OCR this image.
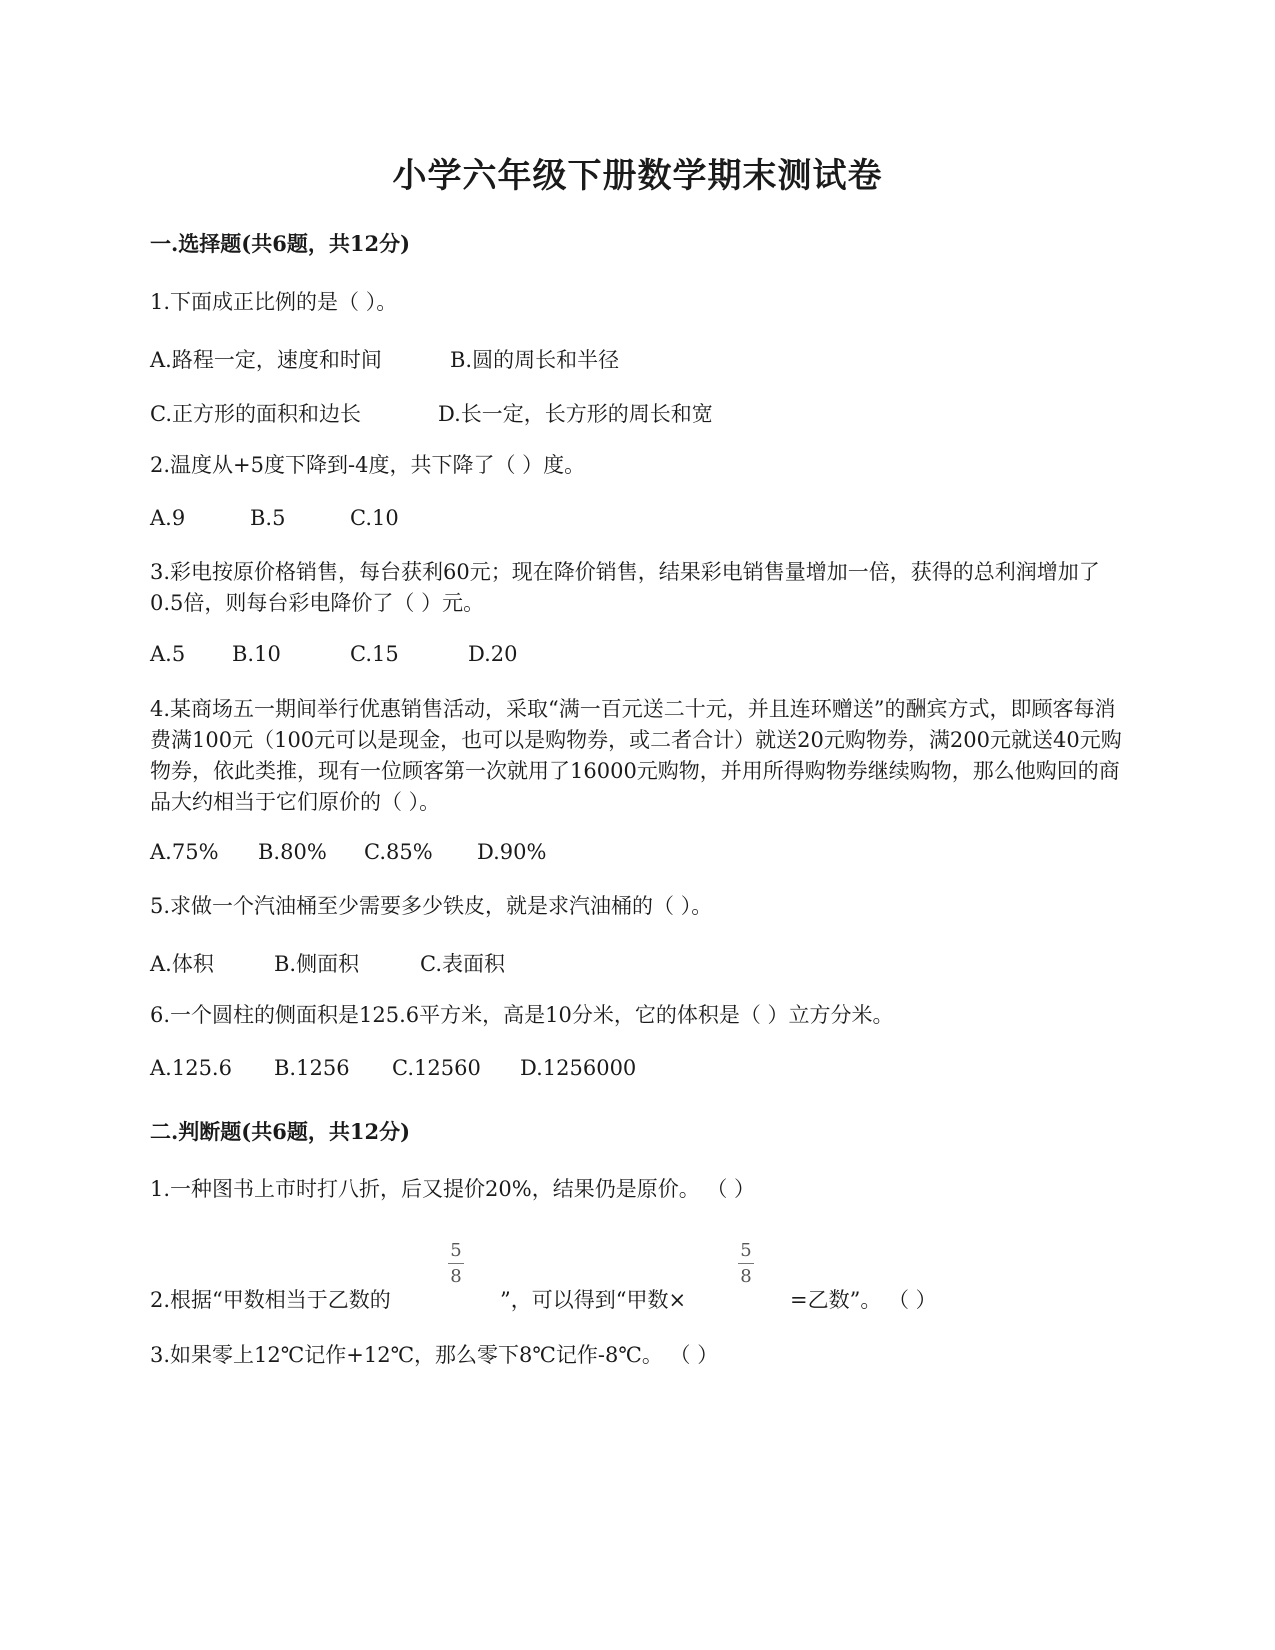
小学六年级下册数学期末测试卷
一.选择题(共6题，共12分)
1.下面成正比例的是（ ）。
A.路程一定，速度和时间	B.圆的周长和半径
C.正方形的面积和边长	D.长一定，长方形的周长和宽
2.温度从+5度下降到-4度，共下降了（ ）度。
A.9	B.5	C.10
3.彩电按原价格销售，每台获利60元；现在降价销售，结果彩电销售量增加一倍，获得的总利润增加了0.5倍，则每台彩电降价了（ ）元。
A.5 B.10	C.15	D.20
4.某商场五一期间举行优惠销售活动，采取“满一百元送二十元，并且连环赠送”的酬宾方式，即顾客每消费满100元（100元可以是现金，也可以是购物券，或二者合计）就送20元购物券，满200元就送40元购物券，依此类推，现有一位顾客第一次就用了16000元购物，并用所得购物券继续购物，那么他购回的商品大约相当于它们原价的（ ）。
A.75% B.80% C.85% D.90%
5.求做一个汽油桶至少需要多少铁皮，就是求汽油桶的（ ）。
A.体积	B.侧面积	C.表面积
6.一个圆柱的侧面积是125.6平方米，高是10分米，它的体积是（ ）立方分米。
A.125.6 B.1256 C.12560 D.1256000
二.判断题(共6题，共12分)
1.一种图书上市时打八折，后又提价20%，结果仍是原价。 （ ）
2.根据“甲数相当于乙数的
5
8
”，可以得到“甲数×
5
8
=乙数”。 （ ）
3.如果零上12℃记作+12℃，那么零下8℃记作-8℃。 （ ）
